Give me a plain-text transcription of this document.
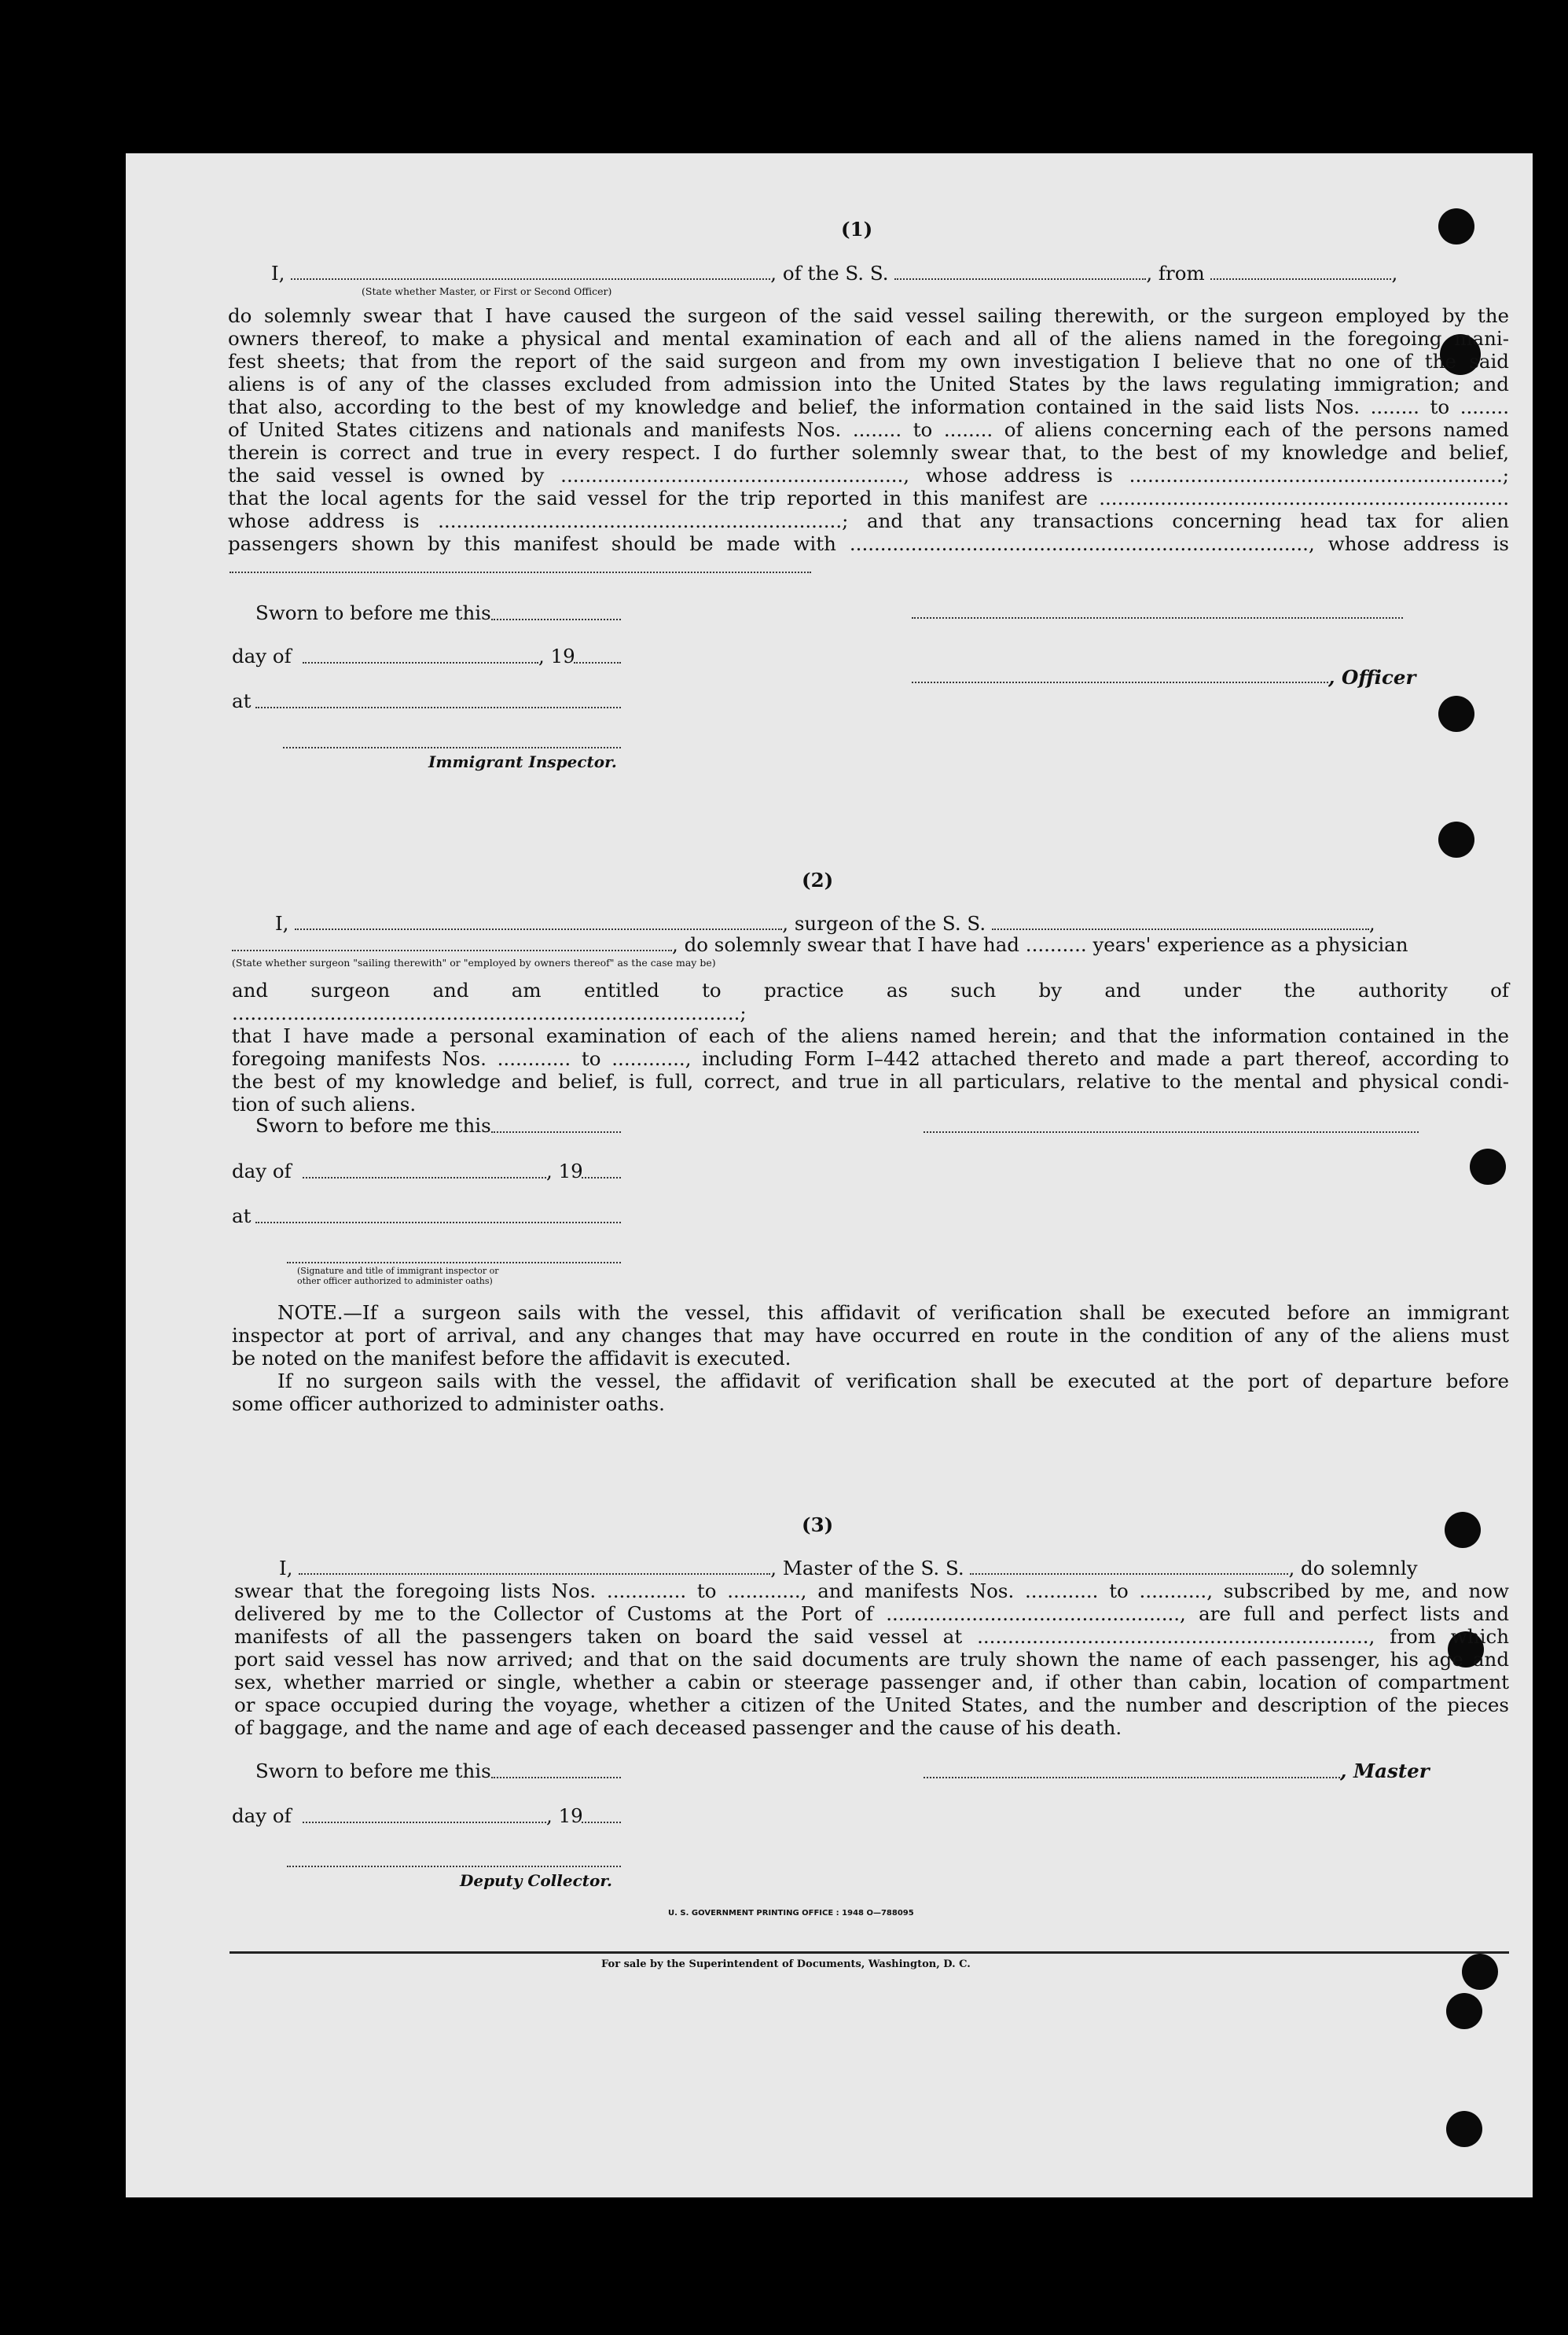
(1)
I,	, of the S. S.	, from	,
(State whether Master, or First or Second Officer)
do solemnly swear that I have caused the surgeon of the said vessel sailing therewith, or the surgeon employed by the
owners thereof, to make a physical and mental examination of each and all of the aliens named in the foregoing mani-
fest sheets; that from the report of the said surgeon and from my own investigation I believe that no one of the said
aliens is of any of the classes excluded from admission into the United States by the laws regulating immigration; and
that also, according to the best of my knowledge and belief, the information contained in the said lists Nos. ........ to ........
of United States citizens and nationals and manifests Nos. ........ to ........ of aliens concerning each of the persons named
therein is correct and true in every respect. I do further solemnly swear that, to the best of my knowledge and belief,
the said vessel is owned by ........................................................, whose address is .............................................................;
that the local agents for the said vessel for the trip reported in this manifest are ...................................................................
whose address is ..................................................................; and that any transactions concerning head tax for alien
passengers shown by this manifest should be made with ..........................................................................., whose address is
Sworn to before me this
day of	, 19
, Officer
at
Immigrant Inspector.
(2)
I,	, surgeon of the S. S.	,
, do solemnly swear that I have had .......... years' experience as a physician
(State whether surgeon "sailing therewith" or "employed by owners thereof" as the case may be)
and surgeon and am entitled to practice as such by and under the authority of ...................................................................................;
that I have made a personal examination of each of the aliens named herein; and that the information contained in the
foregoing manifests Nos. ............ to ............, including Form I–442 attached thereto and made a part thereof, according to
the best of my knowledge and belief, is full, correct, and true in all particulars, relative to the mental and physical condi-
tion of such aliens.
Sworn to before me this
day of	, 19
at
(Signature and title of immigrant inspector or
other officer authorized to administer oaths)
NOTE.—If a surgeon sails with the vessel, this affidavit of verification shall be executed before an immigrant
inspector at port of arrival, and any changes that may have occurred en route in the condition of any of the aliens must
be noted on the manifest before the affidavit is executed.
If no surgeon sails with the vessel, the affidavit of verification shall be executed at the port of departure before
some officer authorized to administer oaths.
(3)
I,	, Master of the S. S.	, do solemnly
swear that the foregoing lists Nos. ............. to ............, and manifests Nos. ............ to ..........., subscribed by me, and now
delivered by me to the Collector of Customs at the Port of ................................................, are full and perfect lists and
manifests of all the passengers taken on board the said vessel at ................................................................, from which
port said vessel has now arrived; and that on the said documents are truly shown the name of each passenger, his age and
sex, whether married or single, whether a cabin or steerage passenger and, if other than cabin, location of compartment
or space occupied during the voyage, whether a citizen of the United States, and the number and description of the pieces
of baggage, and the name and age of each deceased passenger and the cause of his death.
Sworn to before me this	, Master
day of	, 19
Deputy Collector.
U. S. GOVERNMENT PRINTING OFFICE : 1948 O—788095
For sale by the Superintendent of Documents, Washington, D. C.
